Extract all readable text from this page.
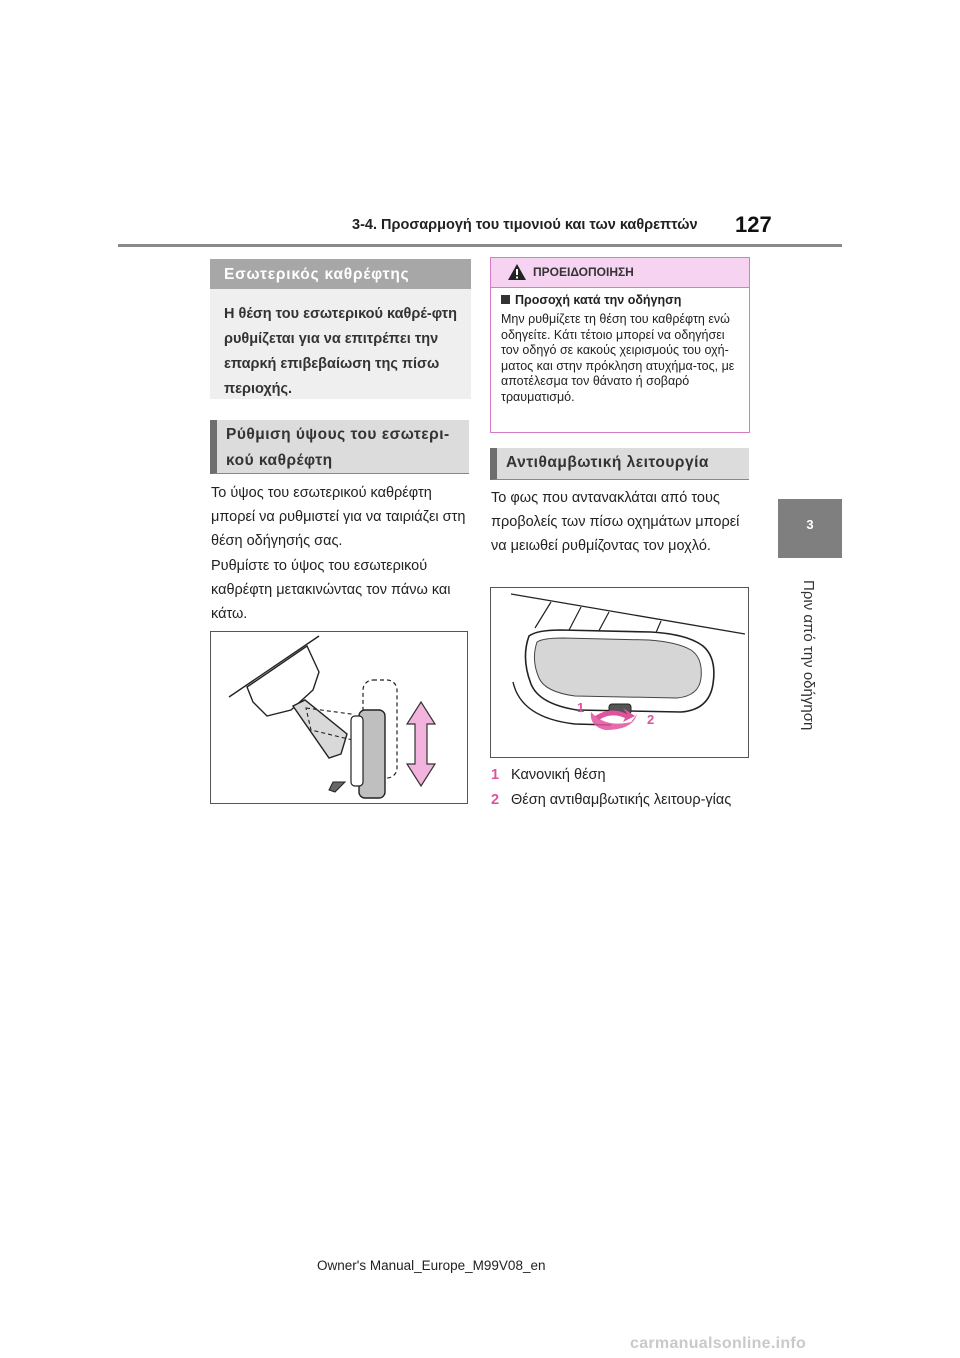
3-4. Προσαρμογή του τιμονιού και των καθρεπτών 127
3
Πριν από την οδήγηση
Εσωτερικός καθρέφτης
Η θέση του εσωτερικού καθρέ-φτη ρυθμίζεται για να επιτρέπει την επαρκή επιβεβαίωση της πίσω περιοχής.
Ρύθμιση ύψους του εσωτερι-κού καθρέφτη
Το ύψος του εσωτερικού καθρέφτη μπορεί να ρυθμιστεί για να ταιριάζει στη θέση οδήγησής σας.
Ρυθμίστε το ύψος του εσωτερικού καθρέφτη μετακινώντας τον πάνω και κάτω.
ΠΡΟΕΙΔΟΠΟΙΗΣΗ
Προσοχή κατά την οδήγηση
Μην ρυθμίζετε τη θέση του καθρέφτη ενώ οδηγείτε. Κάτι τέτοιο μπορεί να οδηγήσει τον οδηγό σε κακούς χειρισμούς του οχή-ματος και στην πρόκληση ατυχήμα-τος, με αποτέλεσμα τον θάνατο ή σοβαρό τραυματισμό.
Αντιθαμβωτική λειτουργία
Το φως που αντανακλάται από τους προβολείς των πίσω οχημάτων μπορεί να μειωθεί ρυθμίζοντας τον μοχλό.
1
2
1 Κανονική θέση
2 Θέση αντιθαμβωτικής λειτουρ-γίας
Owner's Manual_Europe_M99V08_en
carmanualsonline.info
